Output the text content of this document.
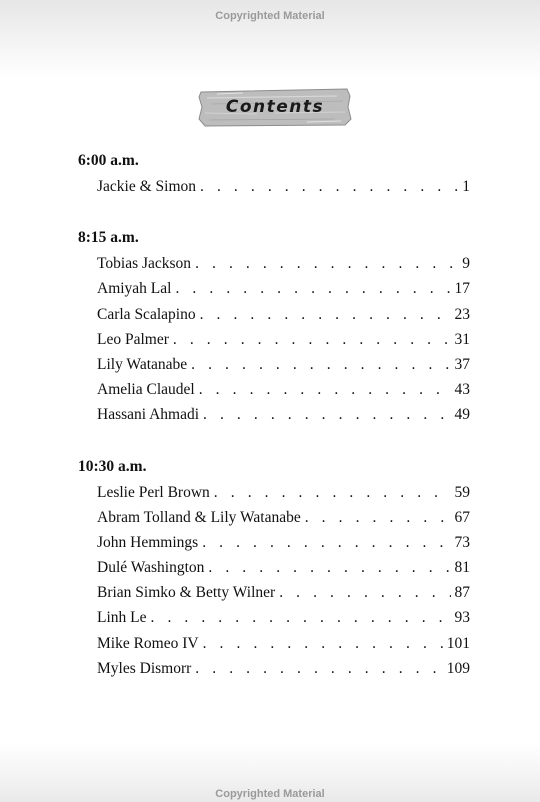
Copyrighted Material
Contents
6:00 a.m.
Jackie & Simon . . .	1
8:15 a.m.
Tobias Jackson . . .	9
Amiyah Lal . . .	17
Carla Scalapino . . .	23
Leo Palmer . . .	31
Lily Watanabe . . .	37
Amelia Claudel . . .	43
Hassani Ahmadi . . .	49
10:30 a.m.
Leslie Perl Brown . . .	59
Abram Tolland & Lily Watanabe . . .	67
John Hemmings . . .	73
Dulé Washington . . .	81
Brian Simko & Betty Wilner . . .	87
Linh Le . . .	93
Mike Romeo IV . . .	101
Myles Dismorr . . .	109
Copyrighted Material
